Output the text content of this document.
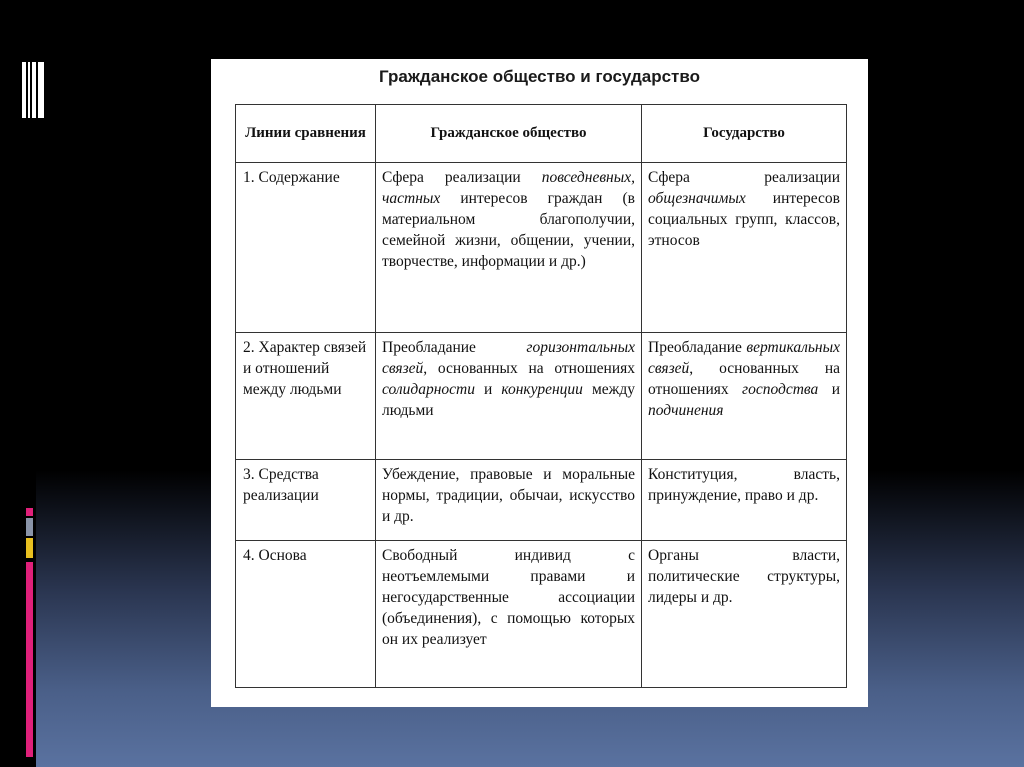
Гражданское общество и государство
Линии сравнения	Гражданское общество	Государство
1. Содержание	Сфера реализации повседневных, частных интересов граждан (в материальном благополучии, семейной жизни, общении, учении, творчестве, информации и др.)	Сфера реализации общезначимых интересов социальных групп, классов, этносов
2. Характер связей и отношений между людьми	Преобладание горизонтальных связей, основанных на отношениях солидарности и конкуренции между людьми	Преобладание вертикальных связей, основанных на отношениях господства и подчинения
3. Средства реализации	Убеждение, правовые и моральные нормы, традиции, обычаи, искусство и др.	Конституция, власть, принуждение, право и др.
4. Основа	Свободный индивид с неотъемлемыми правами и негосударственные ассоциации (объединения), с помощью которых он их реализует	Органы власти, политические структуры, лидеры и др.
